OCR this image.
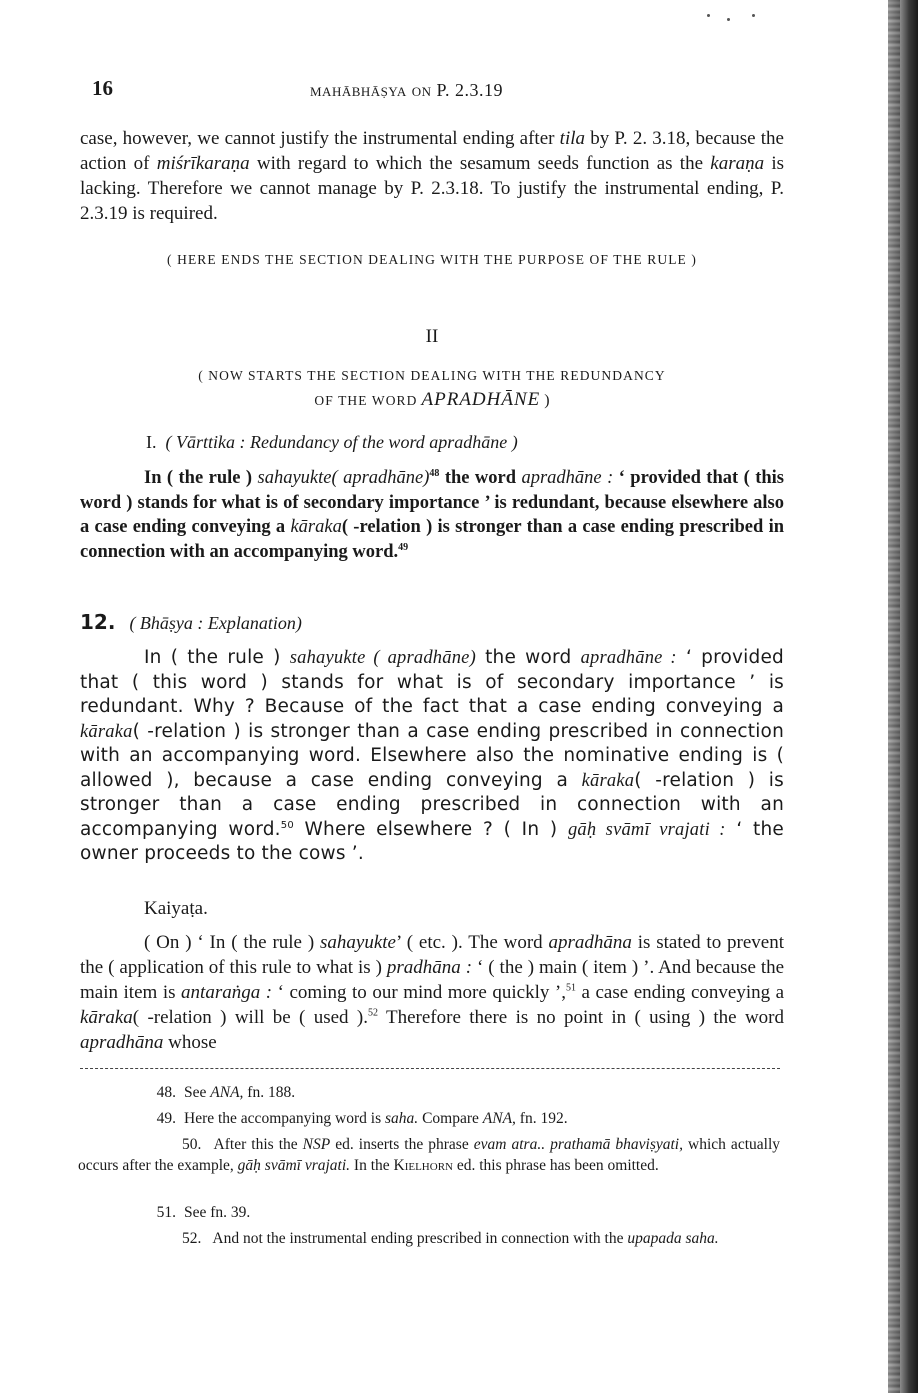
16	MAHĀBHĀṢYA ON P. 2.3.19

case, however, we cannot justify the instrumental ending after tila by P. 2. 3.18, because the action of miśrīkaraṇa with regard to which the sesamum seeds function as the karaṇa is lacking. Therefore we cannot manage by P. 2.3.18. To justify the instrumental ending, P. 2.3.19 is required.

( HERE ENDS THE SECTION DEALING WITH THE PURPOSE OF THE RULE )

II

( NOW STARTS THE SECTION DEALING WITH THE REDUNDANCY
OF THE WORD APRADHĀNE )
I. ( Vārttika : Redundancy of the word apradhāne )

In ( the rule ) sahayukte( apradhāne)$^{48}$ the word apradhāne : ‘ provided that ( this word ) stands for what is of secondary importance ’ is redundant, because elsewhere also a case ending conveying a kāraka( -relation ) is stronger than a case ending prescribed in connection with an accompanying word.$^{49}$

12. ( Bhāṣya : Explanation)

In ( the rule ) sahayukte ( apradhāne) the word apradhāne : ‘ provided that ( this word ) stands for what is of secondary importance ’ is redundant. Why ? Because of the fact that a case ending conveying a kāraka( -relation ) is stronger than a case ending prescribed in connection with an accompanying word. Elsewhere also the nominative ending is ( allowed ), because a case ending conveying a kāraka( -relation ) is stronger than a case ending prescribed in connection with an accompanying word.$^{50}$ Where elsewhere ? ( In ) gāḥ svāmī vrajati : ‘ the owner proceeds to the cows ’.

Kaiyaṭa.

( On ) ‘ In ( the rule ) sahayukte’ ( etc. ). The word apradhāna is stated to prevent the ( application of this rule to what is ) pradhāna : ‘ ( the ) main ( item ) ’. And because the main item is antaraṅga : ‘ coming to our mind more quickly ’,$^{51}$ a case ending conveying a kāraka( -relation ) will be ( used ).$^{52}$ Therefore there is no point in ( using ) the word apradhāna whose

48. See ANA, fn. 188.

49. Here the accompanying word is saha. Compare ANA, fn. 192.

50. After this the NSP ed. inserts the phrase evam atra.. prathamā bhaviṣyati, which actually occurs after the example, gāḥ svāmī vrajati. In the Kielhorn ed. this phrase has been omitted.

51. See fn. 39.

52. And not the instrumental ending prescribed in connection with the upapada saha.
